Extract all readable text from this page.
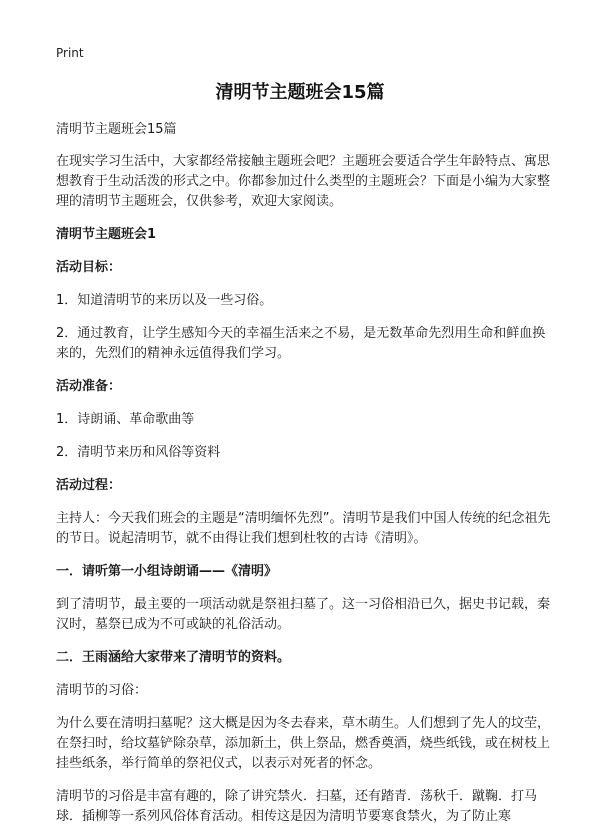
Print
清明节主题班会15篇

清明节主题班会15篇

在现实学习生活中，大家都经常接触主题班会吧？主题班会要适合学生年龄特点、寓思想教育于生动活泼的形式之中。你都参加过什么类型的主题班会？下面是小编为大家整理的清明节主题班会，仅供参考，欢迎大家阅读。

清明节主题班会1

活动目标：

1．知道清明节的来历以及一些习俗。

2．通过教育，让学生感知今天的幸福生活来之不易，是无数革命先烈用生命和鲜血换来的，先烈们的精神永远值得我们学习。

活动准备：

1．诗朗诵、革命歌曲等

2．清明节来历和风俗等资料

活动过程：

主持人：今天我们班会的主题是“清明缅怀先烈”。清明节是我们中国人传统的纪念祖先的节日。说起清明节，就不由得让我们想到杜牧的古诗《清明》。

一．请听第一小组诗朗诵——《清明》

到了清明节，最主要的一项活动就是祭祖扫墓了。这一习俗相沿已久，据史书记载，秦汉时，墓祭已成为不可或缺的礼俗活动。

二．王雨涵给大家带来了清明节的资料。

清明节的习俗：

为什么要在清明扫墓呢？这大概是因为冬去春来，草木萌生。人们想到了先人的坟茔，在祭扫时，给坟墓铲除杂草，添加新土，供上祭品，燃香奠酒，烧些纸钱，或在树枝上挂些纸条，举行简单的祭祀仪式，以表示对死者的怀念。

清明节的习俗是丰富有趣的，除了讲究禁火．扫墓，还有踏青．荡秋千．蹴鞠．打马球．插柳等一系列风俗体育活动。相传这是因为清明节要寒食禁火，为了防止寒
